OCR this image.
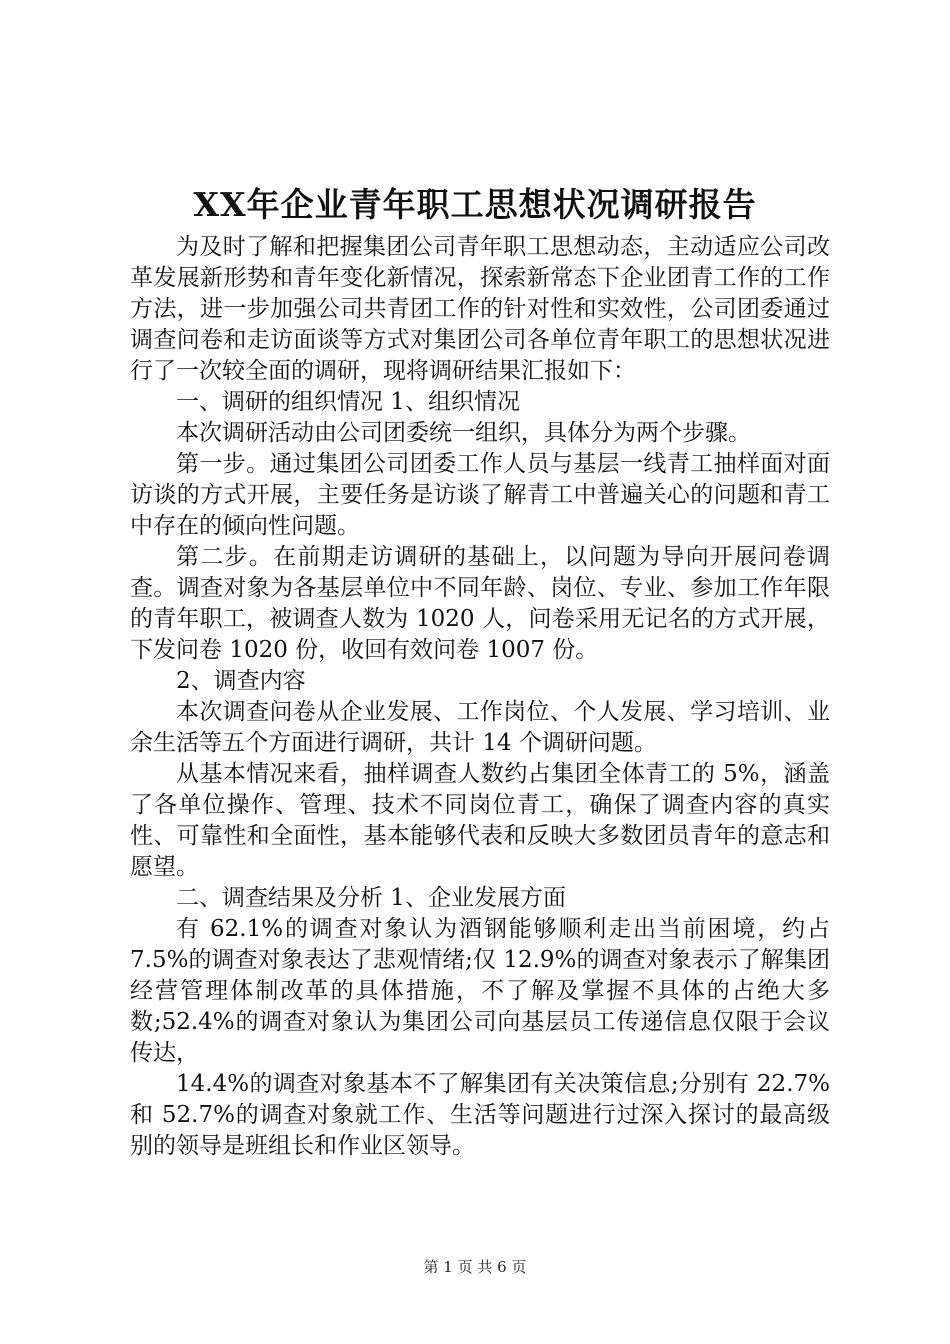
XX年企业青年职工思想状况调研报告

为及时了解和把握集团公司青年职工思想动态，主动适应公司改革发展新形势和青年变化新情况，探索新常态下企业团青工作的工作方法，进一步加强公司共青团工作的针对性和实效性，公司团委通过调查问卷和走访面谈等方式对集团公司各单位青年职工的思想状况进行了一次较全面的调研，现将调研结果汇报如下：

一、调研的组织情况 1、组织情况

本次调研活动由公司团委统一组织，具体分为两个步骤。

第一步。通过集团公司团委工作人员与基层一线青工抽样面对面访谈的方式开展，主要任务是访谈了解青工中普遍关心的问题和青工中存在的倾向性问题。

第二步。在前期走访调研的基础上，以问题为导向开展问卷调查。调查对象为各基层单位中不同年龄、岗位、专业、参加工作年限的青年职工，被调查人数为 1020 人，问卷采用无记名的方式开展，下发问卷 1020 份，收回有效问卷 1007 份。

2、调查内容

本次调查问卷从企业发展、工作岗位、个人发展、学习培训、业余生活等五个方面进行调研，共计 14 个调研问题。

从基本情况来看，抽样调查人数约占集团全体青工的 5%，涵盖了各单位操作、管理、技术不同岗位青工，确保了调查内容的真实性、可靠性和全面性，基本能够代表和反映大多数团员青年的意志和愿望。

二、调查结果及分析 1、企业发展方面

有 62.1%的调查对象认为酒钢能够顺利走出当前困境，约占 7.5%的调查对象表达了悲观情绪;仅 12.9%的调查对象表示了解集团经营管理体制改革的具体措施，不了解及掌握不具体的占绝大多数;52.4%的调查对象认为集团公司向基层员工传递信息仅限于会议传达，

14.4%的调查对象基本不了解集团有关决策信息;分别有 22.7%和 52.7%的调查对象就工作、生活等问题进行过深入探讨的最高级别的领导是班组长和作业区领导。

第 1 页 共 6 页
